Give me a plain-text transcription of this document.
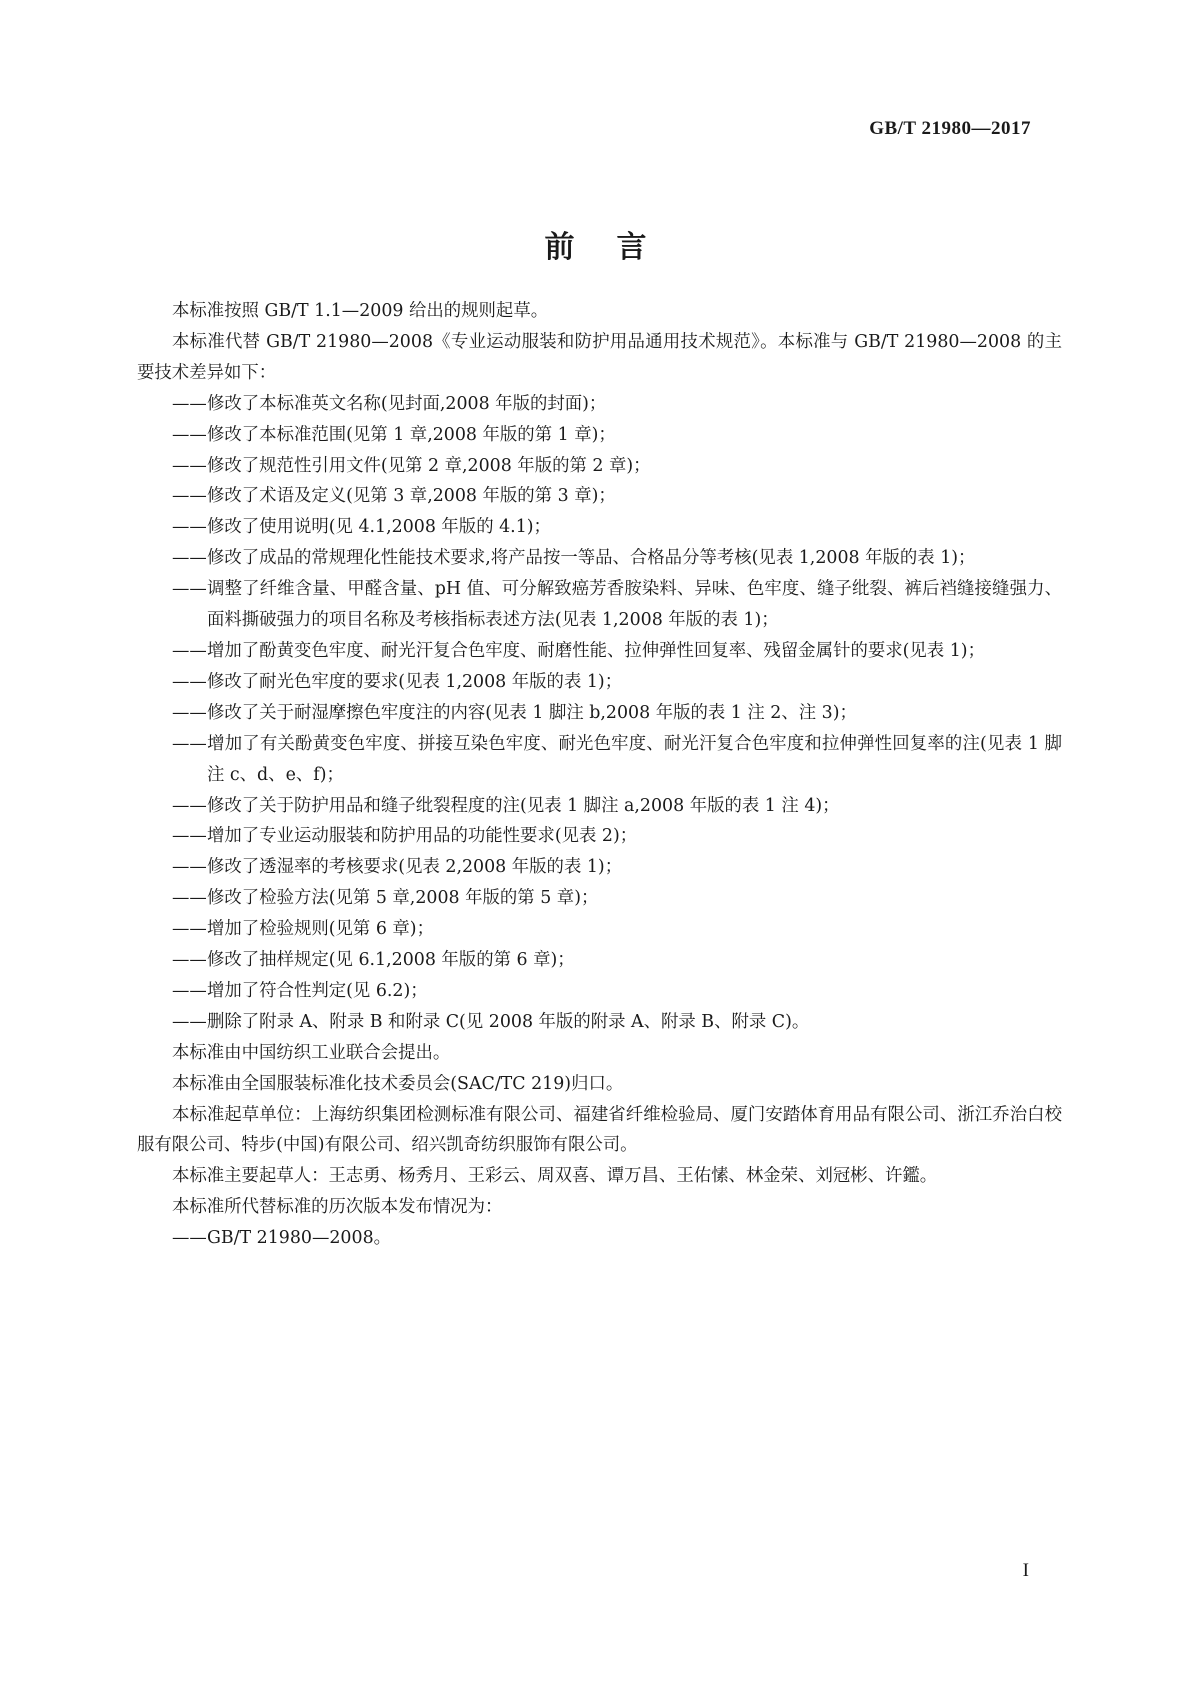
GB/T 21980—2017
前言

本标准按照 GB/T 1.1—2009 给出的规则起草。

本标准代替 GB/T 21980—2008《专业运动服装和防护用品通用技术规范》。本标准与 GB/T 21980—2008 的主要技术差异如下：

——修改了本标准英文名称(见封面,2008 年版的封面)；

——修改了本标准范围(见第 1 章,2008 年版的第 1 章)；

——修改了规范性引用文件(见第 2 章,2008 年版的第 2 章)；

——修改了术语及定义(见第 3 章,2008 年版的第 3 章)；

——修改了使用说明(见 4.1,2008 年版的 4.1)；

——修改了成品的常规理化性能技术要求,将产品按一等品、合格品分等考核(见表 1,2008 年版的表 1)；

——调整了纤维含量、甲醛含量、pH 值、可分解致癌芳香胺染料、异味、色牢度、缝子纰裂、裤后裆缝接缝强力、面料撕破强力的项目名称及考核指标表述方法(见表 1,2008 年版的表 1)；

——增加了酚黄变色牢度、耐光汗复合色牢度、耐磨性能、拉伸弹性回复率、残留金属针的要求(见表 1)；

——修改了耐光色牢度的要求(见表 1,2008 年版的表 1)；

——修改了关于耐湿摩擦色牢度注的内容(见表 1 脚注 b,2008 年版的表 1 注 2、注 3)；

——增加了有关酚黄变色牢度、拼接互染色牢度、耐光色牢度、耐光汗复合色牢度和拉伸弹性回复率的注(见表 1 脚注 c、d、e、f)；

——修改了关于防护用品和缝子纰裂程度的注(见表 1 脚注 a,2008 年版的表 1 注 4)；

——增加了专业运动服装和防护用品的功能性要求(见表 2)；

——修改了透湿率的考核要求(见表 2,2008 年版的表 1)；

——修改了检验方法(见第 5 章,2008 年版的第 5 章)；

——增加了检验规则(见第 6 章)；

——修改了抽样规定(见 6.1,2008 年版的第 6 章)；

——增加了符合性判定(见 6.2)；

——删除了附录 A、附录 B 和附录 C(见 2008 年版的附录 A、附录 B、附录 C)。

本标准由中国纺织工业联合会提出。

本标准由全国服装标准化技术委员会(SAC/TC 219)归口。

本标准起草单位：上海纺织集团检测标准有限公司、福建省纤维检验局、厦门安踏体育用品有限公司、浙江乔治白校服有限公司、特步(中国)有限公司、绍兴凯奇纺织服饰有限公司。

本标准主要起草人：王志勇、杨秀月、王彩云、周双喜、谭万昌、王佑愫、林金荣、刘冠彬、许鑑。

本标准所代替标准的历次版本发布情况为：

——GB/T 21980—2008。

I
